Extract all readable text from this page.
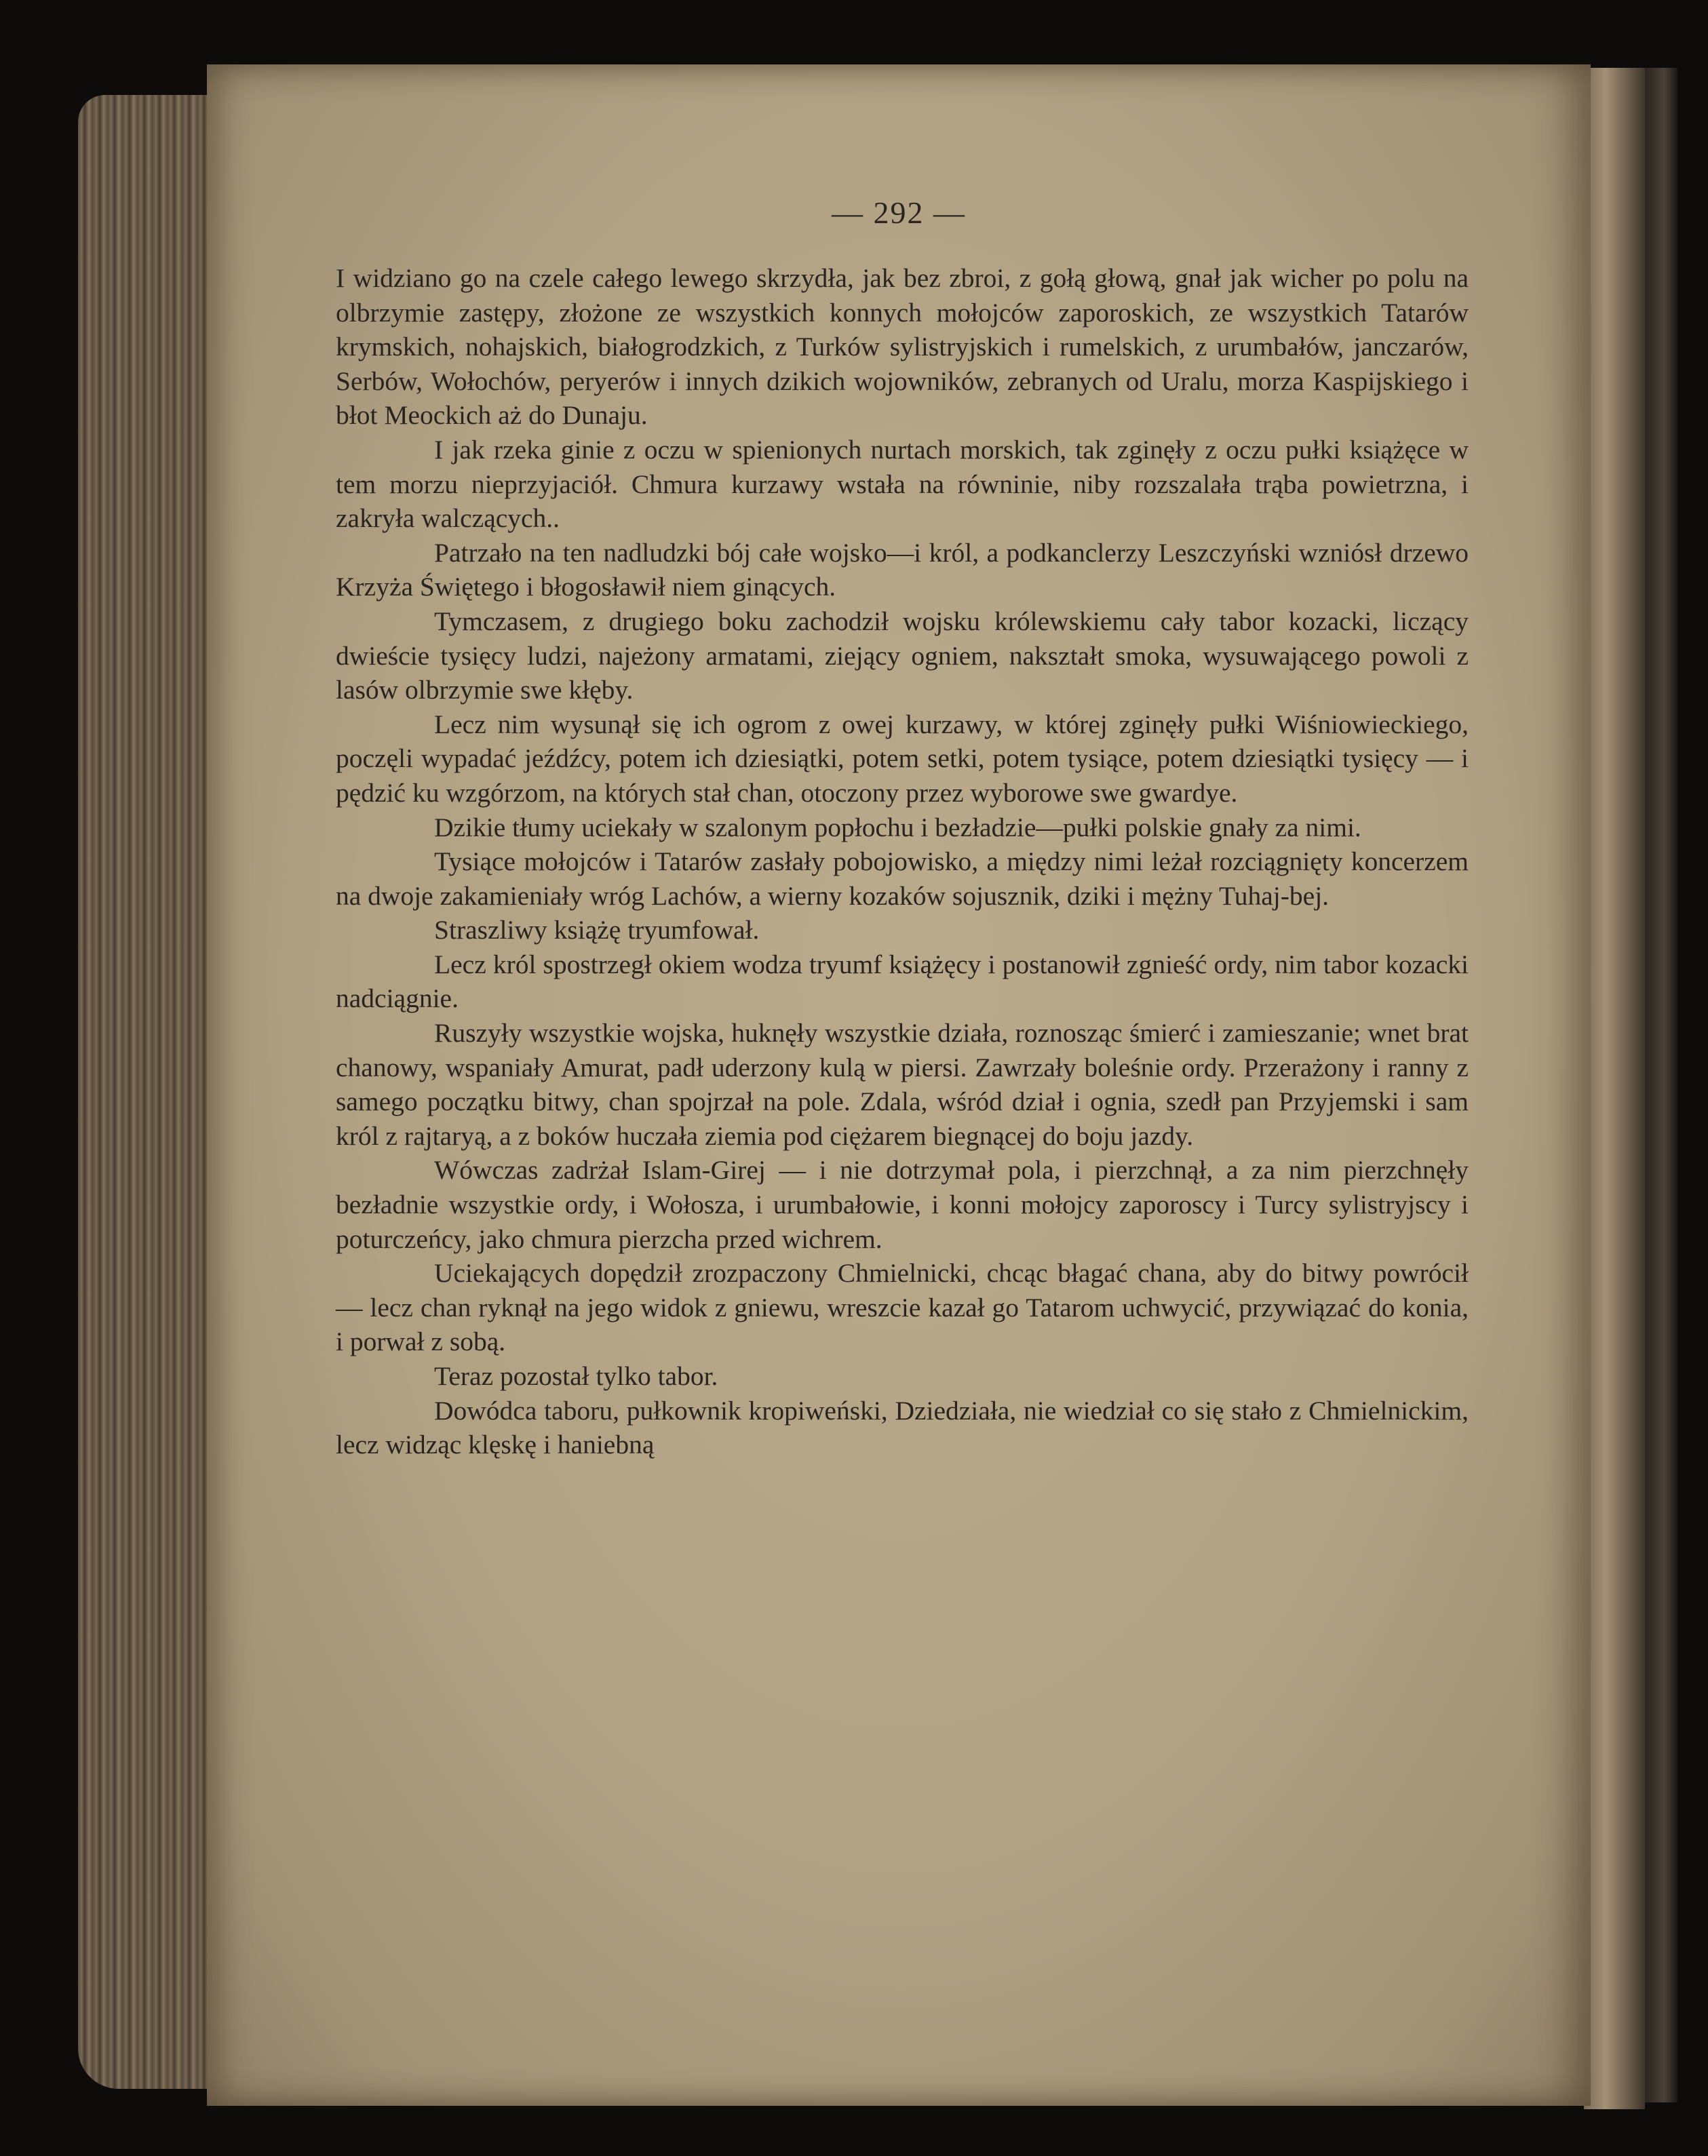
— 292 —

I widziano go na czele całego lewego skrzydła, jak bez zbroi, z gołą głową, gnał jak wicher po polu na olbrzymie zastępy, złożone ze wszystkich konnych mołojców zaporoskich, ze wszystkich Tatarów krymskich, nohajskich, białogrodzkich, z Turków sylistryjskich i rumelskich, z urumbałów, janczarów, Serbów, Wołochów, peryerów i innych dzikich wojowników, zebranych od Uralu, morza Kaspijskiego i błot Meockich aż do Dunaju.

I jak rzeka ginie z oczu w spienionych nurtach morskich, tak zginęły z oczu pułki książęce w tem morzu nieprzyjaciół. Chmura kurzawy wstała na równinie, niby rozszalała trąba powietrzna, i zakryła walczących..

Patrzało na ten nadludzki bój całe wojsko—i król, a podkanclerzy Leszczyński wzniósł drzewo Krzyża Świętego i błogosławił niem ginących.

Tymczasem, z drugiego boku zachodził wojsku królewskiemu cały tabor kozacki, liczący dwieście tysięcy ludzi, najeżony armatami, ziejący ogniem, nakształt smoka, wysuwającego powoli z lasów olbrzymie swe kłęby.

Lecz nim wysunął się ich ogrom z owej kurzawy, w której zginęły pułki Wiśniowieckiego, poczęli wypadać jeźdźcy, potem ich dziesiątki, potem setki, potem tysiące, potem dziesiątki tysięcy — i pędzić ku wzgórzom, na których stał chan, otoczony przez wyborowe swe gwardye.

Dzikie tłumy uciekały w szalonym popłochu i bezładzie—pułki polskie gnały za nimi.

Tysiące mołojców i Tatarów zasłały pobojowisko, a między nimi leżał rozciągnięty koncerzem na dwoje zakamieniały wróg Lachów, a wierny kozaków sojusznik, dziki i mężny Tuhaj-bej.

Straszliwy książę tryumfował.

Lecz król spostrzegł okiem wodza tryumf książęcy i postanowił zgnieść ordy, nim tabor kozacki nadciągnie.

Ruszyły wszystkie wojska, huknęły wszystkie działa, roznosząc śmierć i zamieszanie; wnet brat chanowy, wspaniały Amurat, padł uderzony kulą w piersi. Zawrzały boleśnie ordy. Przerażony i ranny z samego początku bitwy, chan spojrzał na pole. Zdala, wśród dział i ognia, szedł pan Przyjemski i sam król z rajtaryą, a z boków huczała ziemia pod ciężarem biegnącej do boju jazdy.

Wówczas zadrżał Islam-Girej — i nie dotrzymał pola, i pierzchnął, a za nim pierzchnęły bezładnie wszystkie ordy, i Wołosza, i urumbałowie, i konni mołojcy zaporoscy i Turcy sylistryjscy i poturczeńcy, jako chmura pierzcha przed wichrem.

Uciekających dopędził zrozpaczony Chmielnicki, chcąc błagać chana, aby do bitwy powrócił — lecz chan ryknął na jego widok z gniewu, wreszcie kazał go Tatarom uchwycić, przywiązać do konia, i porwał z sobą.

Teraz pozostał tylko tabor.

Dowódca taboru, pułkownik kropiweński, Dziedziała, nie wiedział co się stało z Chmielnickim, lecz widząc klęskę i haniebną
